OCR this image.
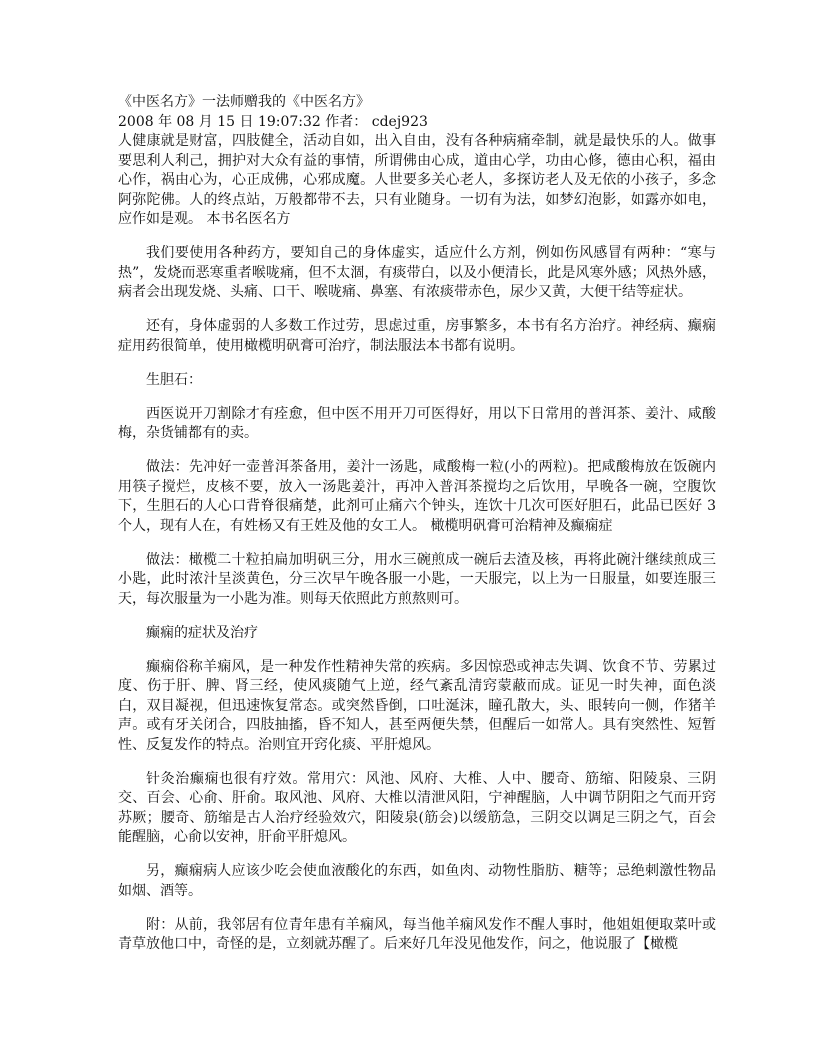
《中医名方》一法师赠我的《中医名方》
2008 年 08 月 15 日 19:07:32 作者： cdej923
人健康就是财富，四肢健全，活动自如，出入自由，没有各种病痛牵制，就是最快乐的人。做事要思利人利己，拥护对大众有益的事情，所谓佛由心成，道由心学，功由心修，德由心积，福由心作，祸由心为，心正成佛，心邪成魔。人世要多关心老人，多探访老人及无依的小孩子，多念阿弥陀佛。人的终点站，万般都带不去，只有业随身。一切有为法，如梦幻泡影，如露亦如电，应作如是观。 本书名医名方

我们要使用各种药方，要知自己的身体虚实，适应什么方剂，例如伤风感冒有两种：“寒与热”，发烧而恶寒重者喉咙痛，但不太涸，有痰带白，以及小便清长，此是风寒外感；风热外感，病者会出现发烧、头痛、口干、喉咙痛、鼻塞、有浓痰带赤色，尿少又黄，大便干结等症状。

还有，身体虚弱的人多数工作过劳，思虑过重，房事繁多，本书有名方治疗。神经病、癫痫症用药很简单，使用橄榄明矾膏可治疗，制法服法本书都有说明。

生胆石：

西医说开刀割除才有痊愈，但中医不用开刀可医得好，用以下日常用的普洱茶、姜汁、咸酸梅，杂货铺都有的卖。

做法：先冲好一壶普洱茶备用，姜汁一汤匙，咸酸梅一粒(小的两粒)。把咸酸梅放在饭碗内用筷子搅烂，皮核不要，放入一汤匙姜汁，再冲入普洱茶搅均之后饮用，早晚各一碗，空腹饮下，生胆石的人心口背脊很痛楚，此剂可止痛六个钟头，连饮十几次可医好胆石，此品已医好 3 个人，现有人在，有姓杨又有王姓及他的女工人。 橄榄明矾膏可治精神及癫痫症

做法：橄榄二十粒拍扁加明矾三分，用水三碗煎成一碗后去渣及核，再将此碗汁继续煎成三小匙，此时浓汁呈淡黄色，分三次早午晚各服一小匙，一天服完，以上为一日服量，如要连服三天，每次服量为一小匙为准。则每天依照此方煎熬则可。

癫痫的症状及治疗

癫痫俗称羊痫风，是一种发作性精神失常的疾病。多因惊恐或神志失调、饮食不节、劳累过度、伤于肝、脾、肾三经，使风痰随气上逆，经气紊乱清窍蒙蔽而成。证见一时失神，面色淡白，双目凝视，但迅速恢复常态。或突然昏倒，口吐涎沫，瞳孔散大，头、眼转向一侧，作猪羊声。或有牙关闭合，四肢抽搐，昏不知人，甚至两便失禁，但醒后一如常人。具有突然性、短暂性、反复发作的特点。治则宜开窍化痰、平肝熄风。

针灸治癫痫也很有疗效。常用穴：风池、风府、大椎、人中、腰奇、筋缩、阳陵泉、三阴交、百会、心俞、肝俞。取风池、风府、大椎以清泄风阳，宁神醒脑，人中调节阴阳之气而开窍苏厥；腰奇、筋缩是古人治疗经验效穴，阳陵泉(筋会)以缓筋急，三阴交以调足三阴之气，百会能醒脑，心俞以安神，肝俞平肝熄风。

另，癫痫病人应该少吃会使血液酸化的东西，如鱼肉、动物性脂肪、糖等；忌绝刺激性物品如烟、酒等。

附：从前，我邻居有位青年患有羊痫风，每当他羊痫风发作不醒人事时，他姐姐便取菜叶或青草放他口中，奇怪的是，立刻就苏醒了。后来好几年没见他发作，问之，他说服了【橄榄
